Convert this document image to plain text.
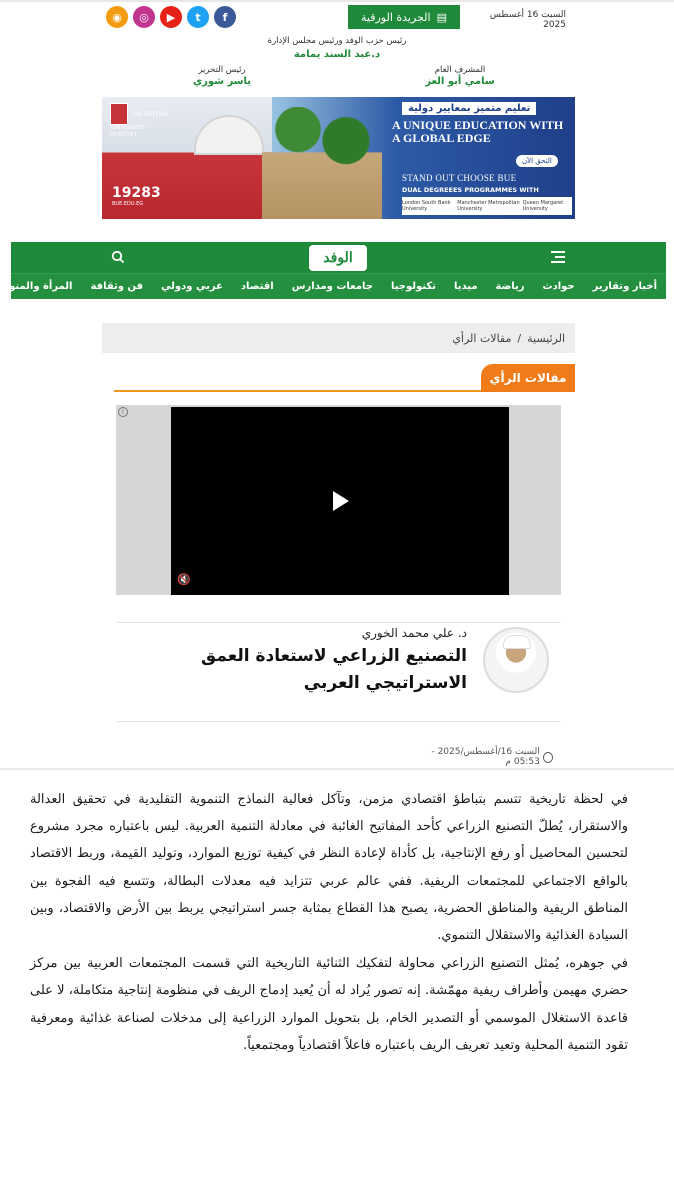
◉	◎	▶	t	f	▤
الجريدة الورقية	السبت 16 أغسطس 2025
رئيس حزب الوفد ورئيس مجلس الإدارة
د.عبد السند يمامة
المشرف العام
سامي أبو العز
رئيس التحرير
ياسر شوري
THE BRITISH UNIVERSITY
IN EGYPT
تعليم متميز بمعايير دولية
A UNIQUE EDUCATION WITH A GLOBAL EDGE
التحق الآن
STAND OUT CHOOSE BUE
DUAL DEGREEES PROGRAMMES WITH
London South Bank University
Manchester Metropolitan University
Queen Margaret University
19283
BUE.EDU.EG
الوفد
أخبار وتقارير
حوادث
رياضة
ميديا
تكنولوجيا
جامعات ومدارس
اقتصاد
عربي ودولي
فن وثقافة
المرأة والمنوع
الرئيسية
/
مقالات الرأي
مقالات الرأي
i
🔇
د. علي محمد الخوري
التصنيع الزراعي لاستعادة العمق الاستراتيجي العربي
السبت 16/أغسطس/2025 - 05:53 م

في لحظة تاريخية تتسم بتباطؤ اقتصادي مزمن، وتآكل فعالية النماذج التنموية التقليدية في تحقيق العدالة والاستقرار، يُطلّ التصنيع الزراعي كأحد المفاتيح الغائبة في معادلة التنمية العربية. ليس باعتباره مجرد مشروع لتحسين المحاصيل أو رفع الإنتاجية، بل كأداة لإعادة النظر في كيفية توزيع الموارد، وتوليد القيمة، وربط الاقتصاد بالواقع الاجتماعي للمجتمعات الريفية. ففي عالم عربي تتزايد فيه معدلات البطالة، وتتسع فيه الفجوة بين المناطق الريفية والمناطق الحضرية، يصبح هذا القطاع بمثابة جسر استراتيجي يربط بين الأرض والاقتصاد، وبين السيادة الغذائية والاستقلال التنموي.

في جوهره، يُمثل التصنيع الزراعي محاولة لتفكيك الثنائية التاريخية التي قسمت المجتمعات العربية بين مركز حضري مهيمن وأطراف ريفية مهمّشة. إنه تصور يُراد له أن يُعيد إدماج الريف في منظومة إنتاجية متكاملة، لا على قاعدة الاستغلال الموسمي أو التصدير الخام، بل بتحويل الموارد الزراعية إلى مدخلات لصناعة غذائية ومعرفية تقود التنمية المحلية وتعيد تعريف الريف باعتباره فاعلاً اقتصادياً ومجتمعياً.
